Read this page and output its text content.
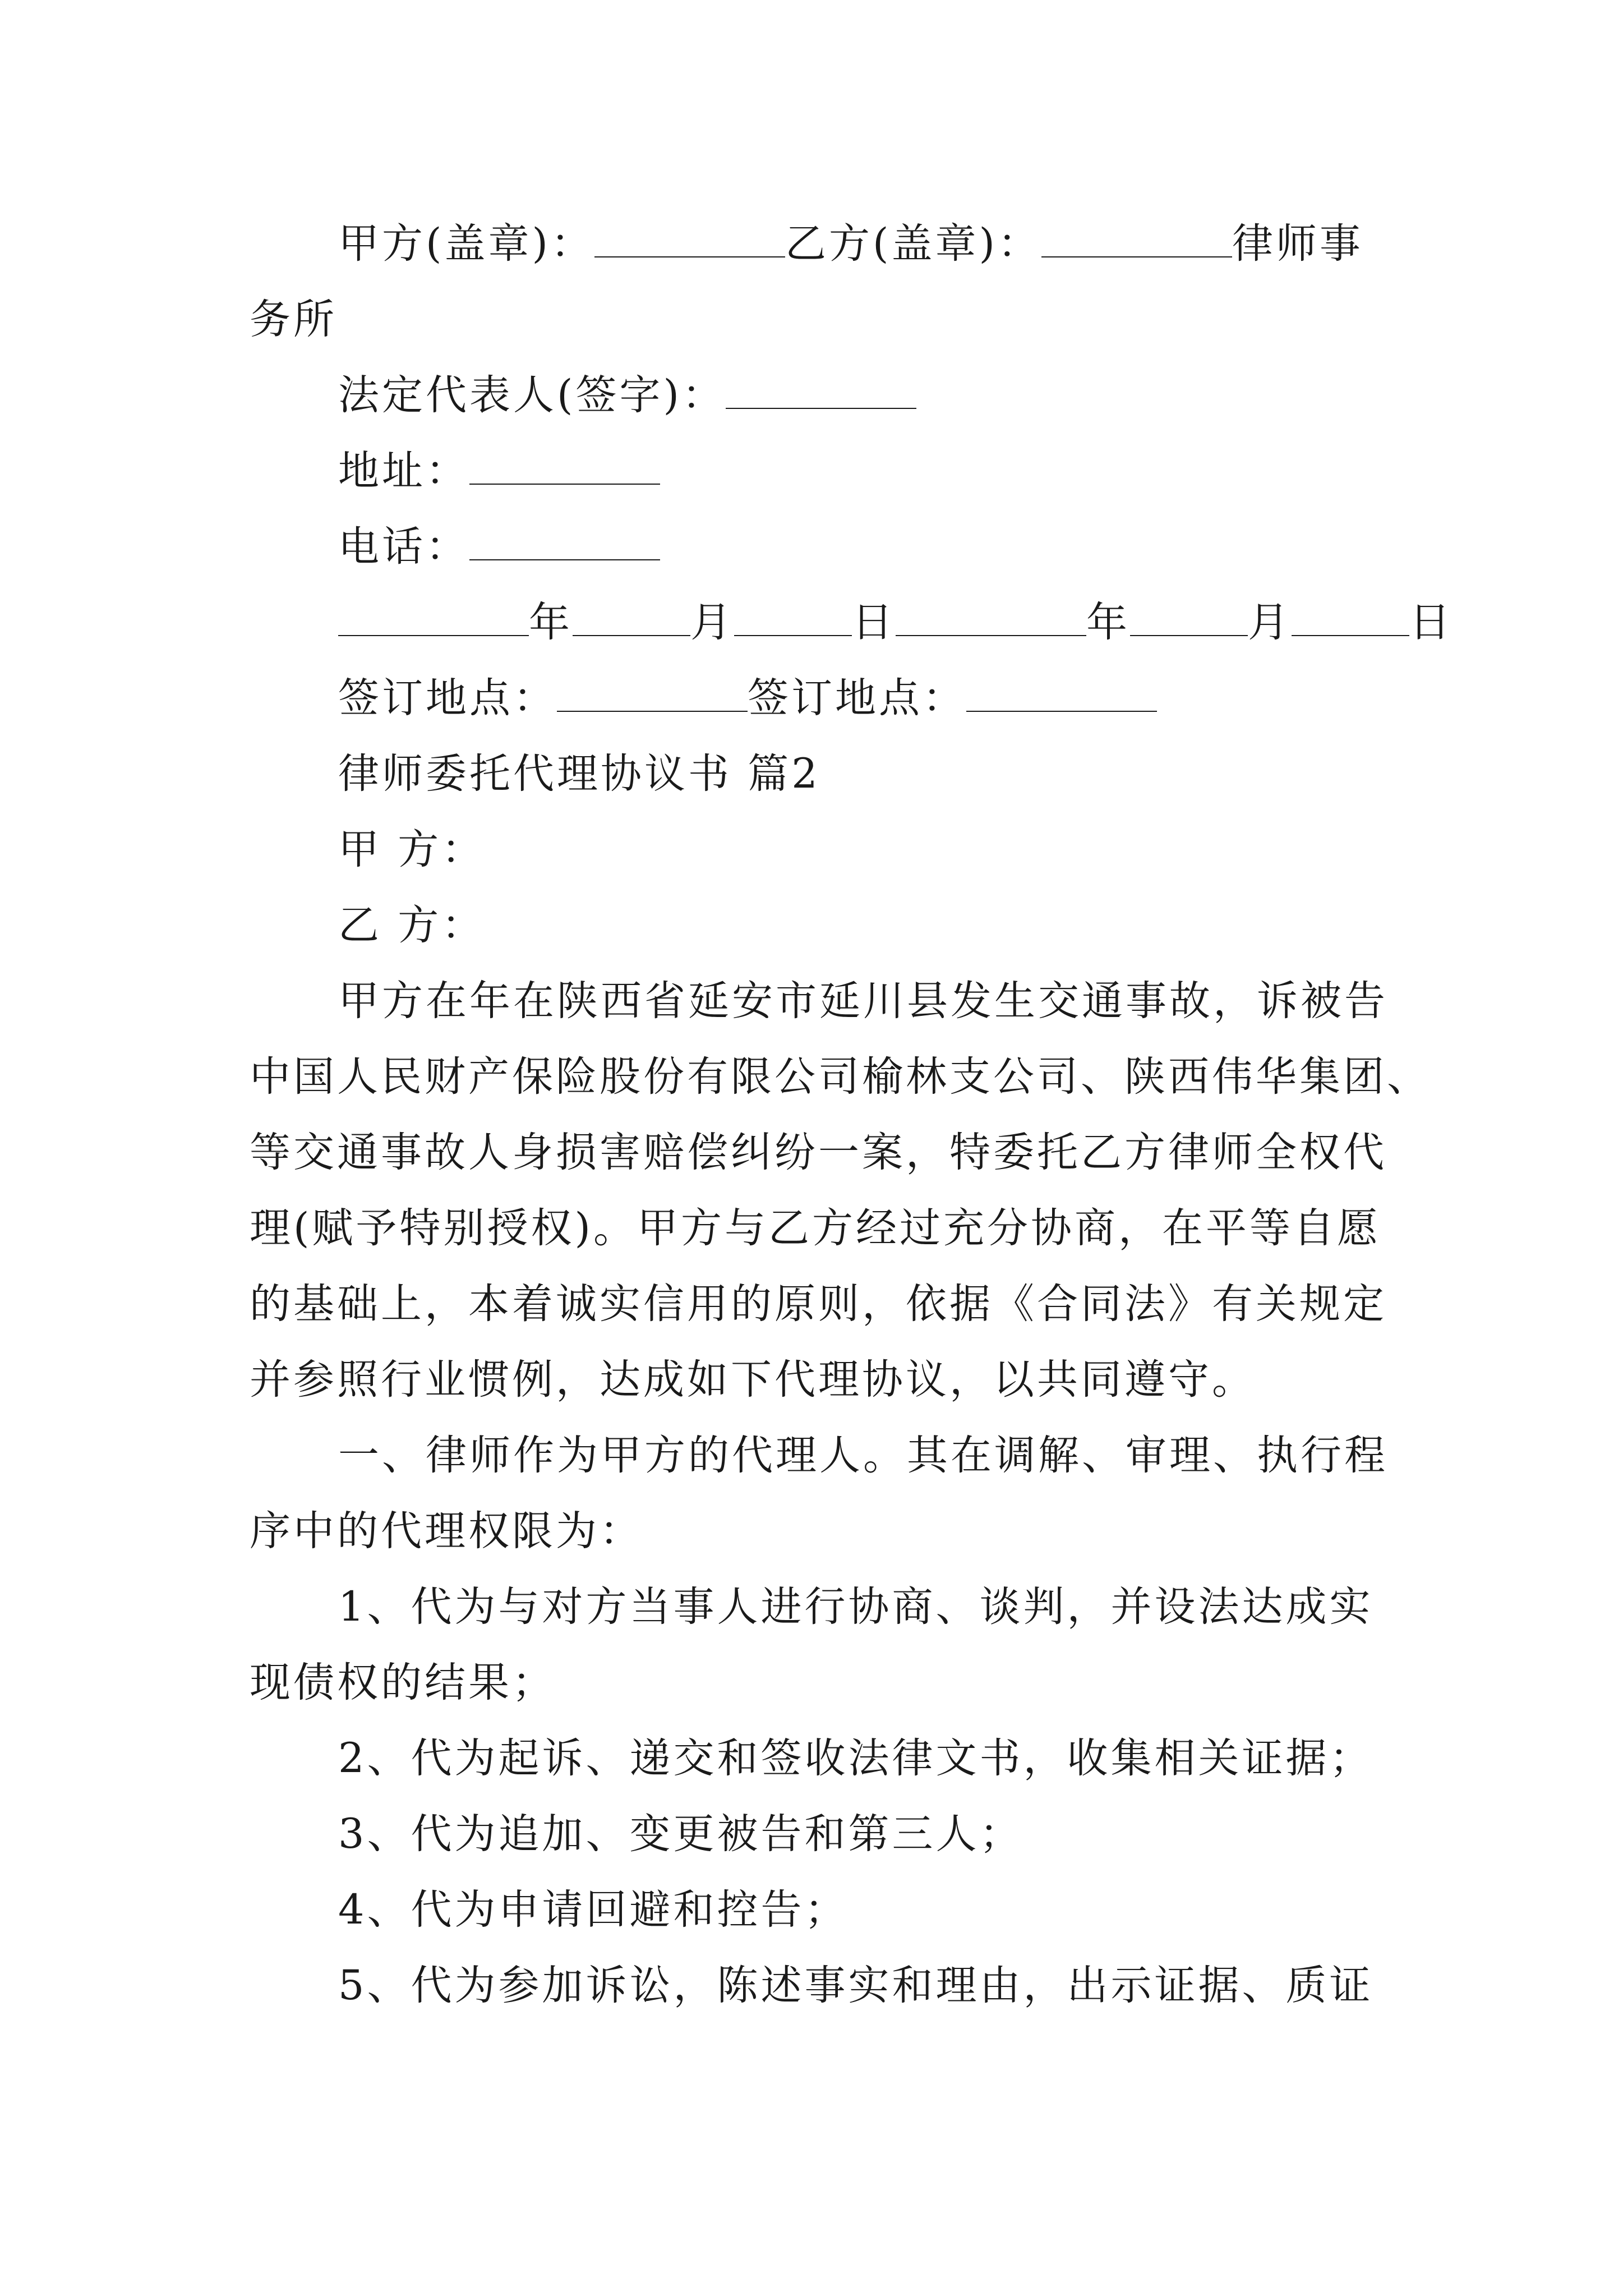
甲方(盖章)：	乙方(盖章)：	律师事
务所
法定代表人(签字)：
地址：
电话：
年	月	日	年	月	日
签订地点：	签订地点：
律师委托代理协议书 篇2
甲 方：
乙 方：
甲方在年在陕西省延安市延川县发生交通事故，诉被告
中国人民财产保险股份有限公司榆林支公司、陕西伟华集团、
等交通事故人身损害赔偿纠纷一案，特委托乙方律师全权代
理(赋予特别授权)。甲方与乙方经过充分协商，在平等自愿
的基础上，本着诚实信用的原则，依据《合同法》有关规定
并参照行业惯例，达成如下代理协议，以共同遵守。
一、律师作为甲方的代理人。其在调解、审理、执行程
序中的代理权限为：
1、代为与对方当事人进行协商、谈判，并设法达成实
现债权的结果；
2、代为起诉、递交和签收法律文书，收集相关证据；
3、代为追加、变更被告和第三人；
4、代为申请回避和控告；
5、代为参加诉讼，陈述事实和理由，出示证据、质证
